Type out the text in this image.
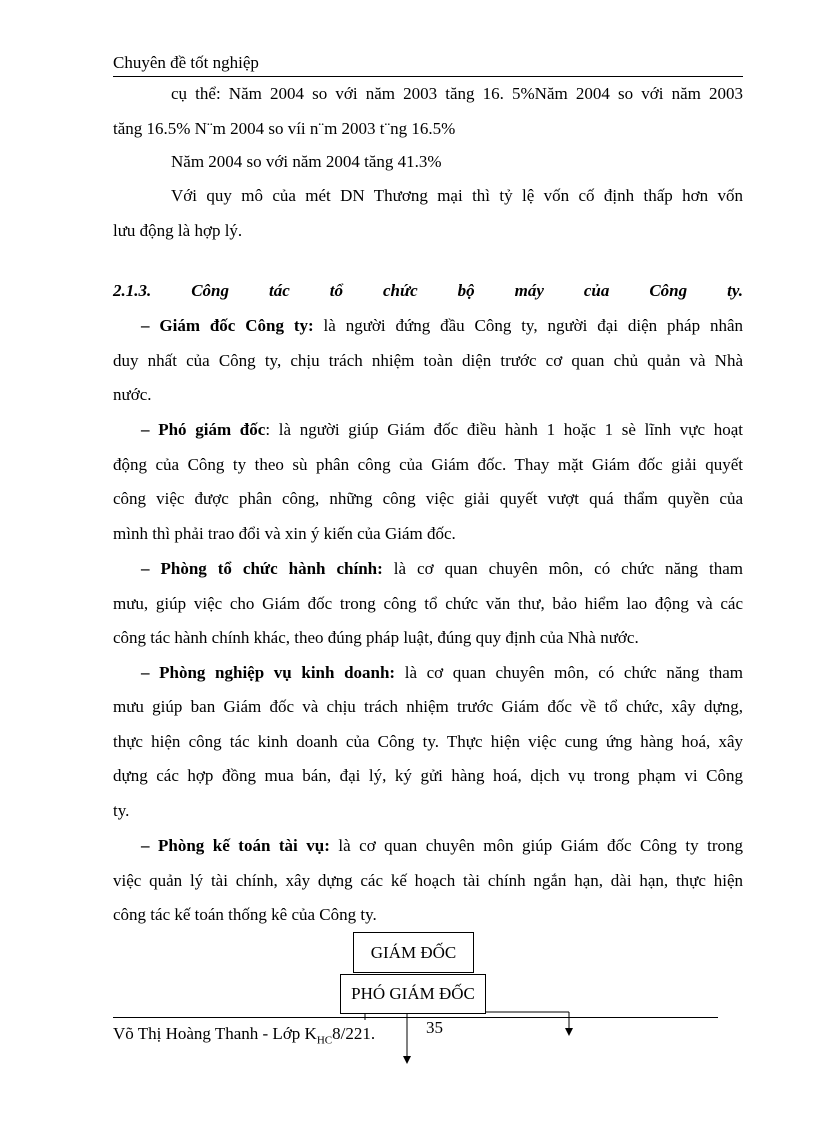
Chuyên đề tốt nghiệp
cụ thể: Năm 2004 so với năm 2003 tăng 16. 5%Năm 2004 so với năm 2003
tăng 16.5% N¨m 2004 so víi n¨m 2003 t¨ng 16.5%
Năm 2004 so với năm 2004 tăng 41.3%
Với quy mô của mét DN Thương mại thì tỷ lệ vốn cố định thấp hơn vốn
lưu động là hợp lý.
2.1.3. Công tác tổ chức bộ máy của Công ty.
– Giám đốc Công ty: là người đứng đầu Công ty, người đại diện pháp nhân
duy nhất của Công ty, chịu trách nhiệm toàn diện trước cơ quan chủ quản và Nhà
nước.
– Phó giám đốc: là người giúp Giám đốc điều hành 1 hoặc 1 sè lĩnh vực hoạt
động của Công ty theo sù phân công của Giám đốc. Thay mặt Giám đốc giải quyết
công việc được phân công, những công việc giải quyết vượt quá thẩm quyền của
mình thì phải trao đổi và xin ý kiến của Giám đốc.
– Phòng tổ chức hành chính: là cơ quan chuyên môn, có chức năng tham
mưu, giúp việc cho Giám đốc trong công tổ chức văn thư, bảo hiểm lao động và các
công tác hành chính khác, theo đúng pháp luật, đúng quy định của Nhà nước.
– Phòng nghiệp vụ kinh doanh: là cơ quan chuyên môn, có chức năng tham
mưu giúp ban Giám đốc và chịu trách nhiệm trước Giám đốc về tổ chức, xây dựng,
thực hiện công tác kinh doanh của Công ty. Thực hiện việc cung ứng hàng hoá, xây
dựng các hợp đồng mua bán, đại lý, ký gửi hàng hoá, dịch vụ trong phạm vi Công
ty.
– Phòng kế toán tài vụ: là cơ quan chuyên môn giúp Giám đốc Công ty trong
việc quản lý tài chính, xây dựng các kế hoạch tài chính ngắn hạn, dài hạn, thực hiện
công tác kế toán thống kê của Công ty.
GIÁM ĐỐC
PHÓ GIÁM ĐỐC
Võ Thị Hoàng Thanh - Lớp $K_{HC}8/221$.	35
